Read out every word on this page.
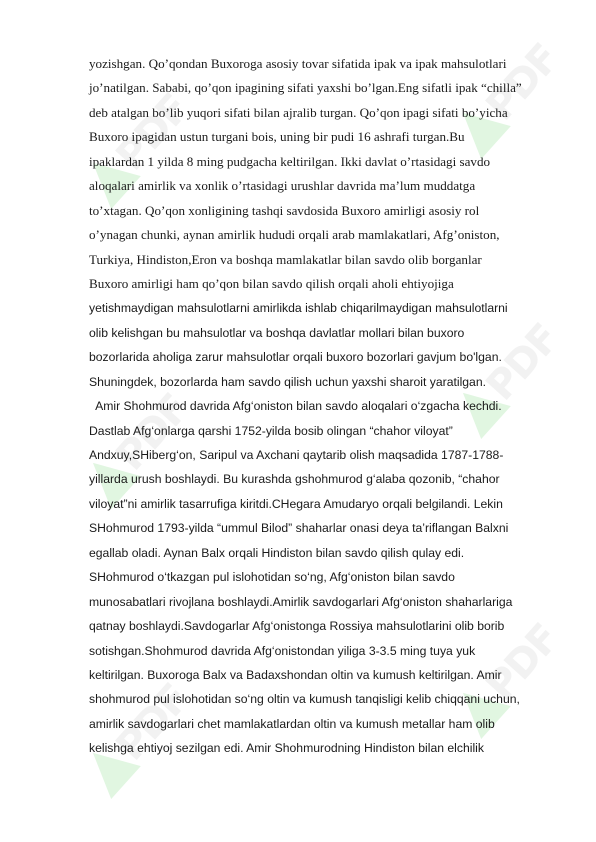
▲PDF	▲PDF
▲PDF	▲PDF
▲PDF	▲PDF
yozishgan. Qo’qondan Buxoroga asosiy tovar sifatida ipak va ipak mahsulotlari
jo’natilgan. Sababi, qo’qon ipagining sifati yaxshi bo’lgan.Eng sifatli ipak “chilla”
deb atalgan bo’lib yuqori sifati bilan ajralib turgan. Qo’qon ipagi sifati bo’yicha
Buxoro ipagidan ustun turgani bois, uning bir pudi 16 ashrafi turgan.Bu
ipaklardan 1 yilda 8 ming pudgacha keltirilgan. Ikki davlat o’rtasidagi savdo
aloqalari amirlik va xonlik o’rtasidagi urushlar davrida ma’lum muddatga
to’xtagan. Qo’qon xonligining tashqi savdosida Buxoro amirligi asosiy rol
o’ynagan chunki, aynan amirlik hududi orqali arab mamlakatlari, Afg’oniston,
Turkiya, Hindiston,Eron va boshqa mamlakatlar bilan savdo olib borganlar
Buxoro amirligi ham qo’qon bilan savdo qilish orqali aholi ehtiyojiga
yetishmaydigan mahsulotlarni amirlikda ishlab chiqarilmaydigan mahsulotlarni
olib kelishgan bu mahsulotlar va boshqa davlatlar mollari bilan buxoro
bozorlarida aholiga zarur mahsulotlar orqali buxoro bozorlari gavjum bo'lgan.
Shuningdek, bozorlarda ham savdo qilish uchun yaxshi sharoit yaratilgan.
Amir Shohmurod davrida Afg‘oniston bilan savdo aloqalari o‘zgacha kechdi.
Dastlab Afg‘onlarga qarshi 1752-yilda bosib olingan “chahor viloyat”
Andxuy,SHiberg‘on, Saripul va Axchani qaytarib olish maqsadida 1787-1788-
yillarda urush boshlaydi. Bu kurashda gshohmurod g‘alaba qozonib, “chahor
viloyat”ni amirlik tasarrufiga kiritdi.CHegara Amudaryo orqali belgilandi. Lekin
SHohmurod 1793-yilda “ummul Bilod” shaharlar onasi deya ta’riflangan Balxni
egallab oladi. Aynan Balx orqali Hindiston bilan savdo qilish qulay edi.
SHohmurod o‘tkazgan pul islohotidan so‘ng, Afg‘oniston bilan savdo
munosabatlari rivojlana boshlaydi.Amirlik savdogarlari Afg‘oniston shaharlariga
qatnay boshlaydi.Savdogarlar Afg‘onistonga Rossiya mahsulotlarini olib borib
sotishgan.Shohmurod davrida Afg‘onistondan yiliga 3-3.5 ming tuya yuk
keltirilgan. Buxoroga Balx va Badaxshondan oltin va kumush keltirilgan. Amir
shohmurod pul islohotidan so‘ng oltin va kumush tanqisligi kelib chiqqani uchun,
amirlik savdogarlari chet mamlakatlardan oltin va kumush metallar ham olib
kelishga ehtiyoj sezilgan edi. Amir Shohmurodning Hindiston bilan elchilik
